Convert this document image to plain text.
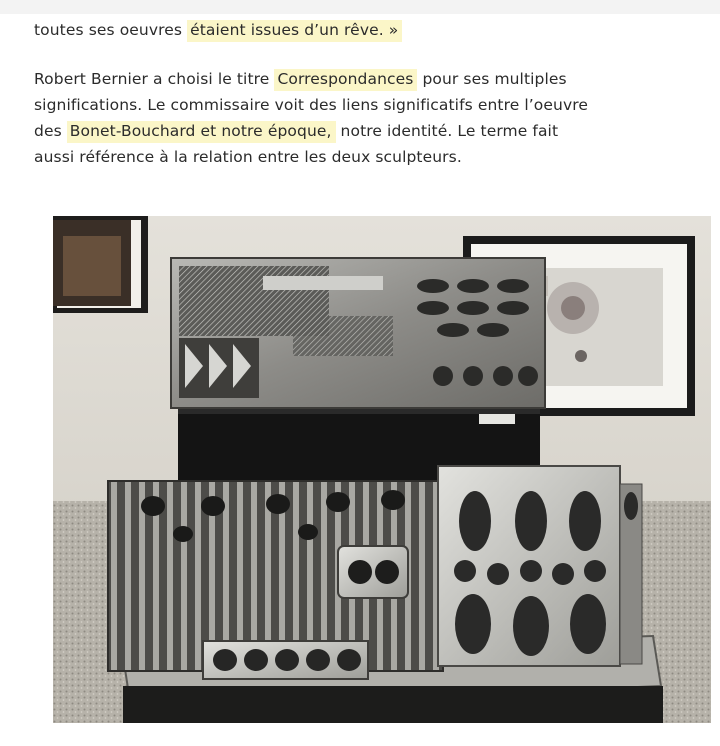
toutes ses oeuvres étaient issues d’un rêve. »

Robert Bernier a choisi le titre Correspondances pour ses multiples significations. Le commissaire voit des liens significatifs entre l’oeuvre des Bonet-Bouchard et notre époque, notre identité. Le terme fait aussi référence à la relation entre les deux sculpteurs.
